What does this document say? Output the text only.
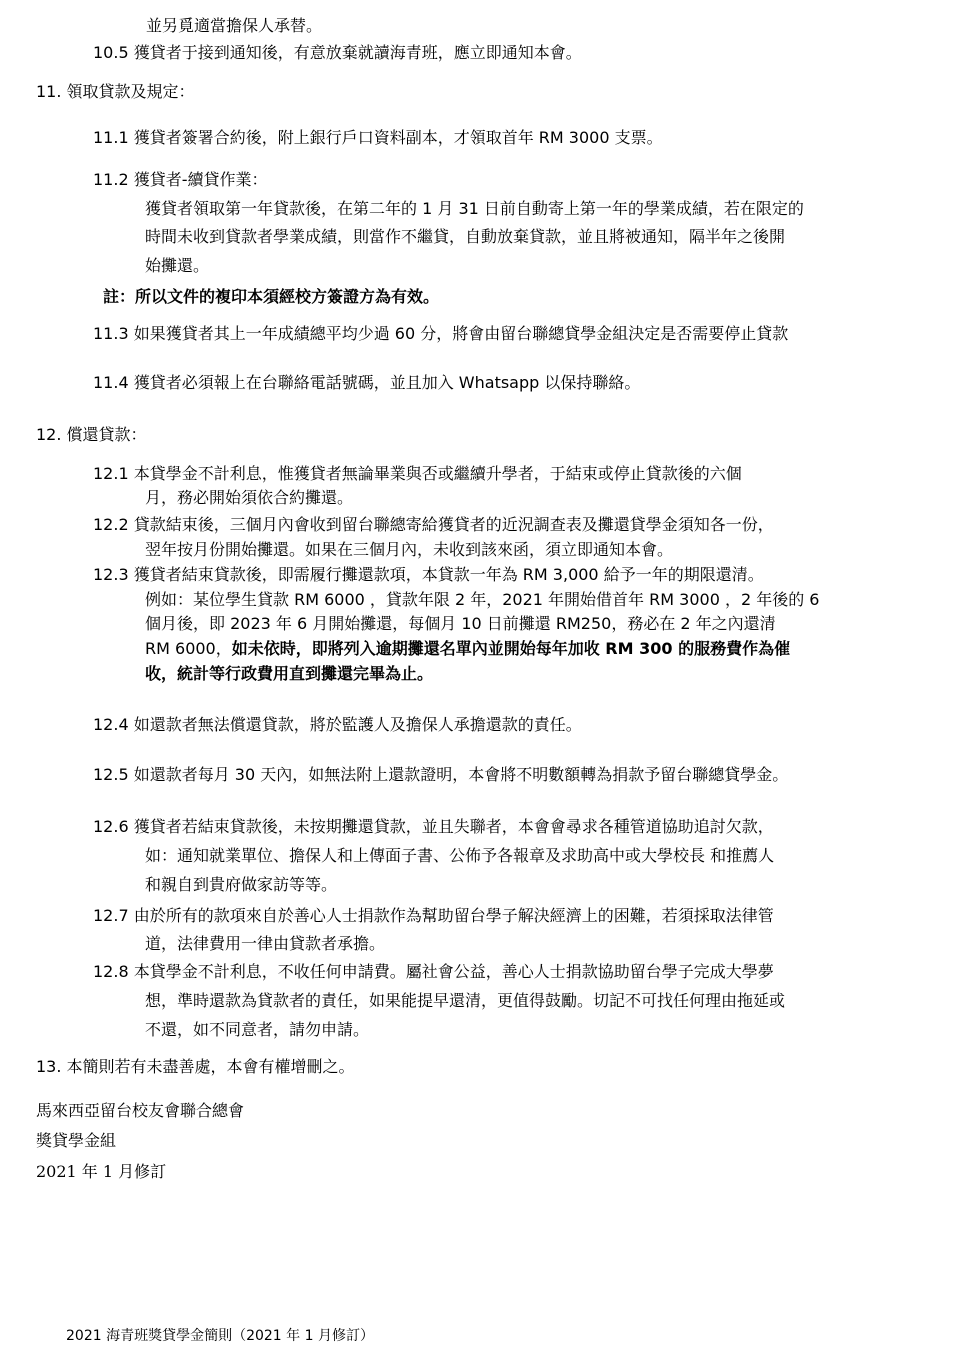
並另覓適當擔保人承替。
10.5 獲貸者于接到通知後，有意放棄就讀海青班，應立即通知本會。
11. 領取貸款及規定：
11.1 獲貸者簽署合約後，附上銀行戶口資料副本，才領取首年 RM 3000 支票。
11.2 獲貸者-續貸作業：
獲貸者領取第一年貸款後，在第二年的 1 月 31 日前自動寄上第一年的學業成績，若在限定的
時間未收到貸款者學業成績，則當作不繼貸，自動放棄貸款，並且將被通知，隔半年之後開
始攤還。
註：所以文件的複印本須經校方簽證方為有效。
11.3 如果獲貸者其上一年成績總平均少過 60 分，將會由留台聯總貸學金組決定是否需要停止貸款
11.4 獲貸者必須報上在台聯絡電話號碼，並且加入 Whatsapp 以保持聯絡。
12. 償還貸款：
12.1 本貸學金不計利息，惟獲貸者無論畢業與否或繼續升學者，于結束或停止貸款後的六個
月，務必開始須依合約攤還。
12.2 貸款結束後，三個月內會收到留台聯總寄給獲貸者的近況調查表及攤還貸學金須知各一份，
翌年按月份開始攤還。如果在三個月內，未收到該來函，須立即通知本會。
12.3 獲貸者結束貸款後，即需履行攤還款項，本貸款一年為 RM 3,000 給予一年的期限還清。
例如：某位學生貸款 RM 6000 ，貸款年限 2 年，2021 年開始借首年 RM 3000 ，2 年後的 6
個月後，即 2023 年 6 月開始攤還，每個月 10 日前攤還 RM250，務必在 2 年之內還清
RM 6000，如未依時，即將列入逾期攤還名單內並開始每年加收 RM 300 的服務費作為催
收，統計等行政費用直到攤還完畢為止。
12.4 如還款者無法償還貸款，將於監護人及擔保人承擔還款的責任。
12.5 如還款者每月 30 天內，如無法附上還款證明，本會將不明數額轉為捐款予留台聯總貸學金。
12.6 獲貸者若結束貸款後，未按期攤還貸款，並且失聯者，本會會尋求各種管道協助追討欠款，
如：通知就業單位、擔保人和上傳面子書、公佈予各報章及求助高中或大學校長 和推薦人
和親自到貴府做家訪等等。
12.7 由於所有的款項來自於善心人士捐款作為幫助留台學子解決經濟上的困難，若須採取法律管
道，法律費用一律由貸款者承擔。
12.8 本貸學金不計利息，不收任何申請費。屬社會公益，善心人士捐款協助留台學子完成大學夢
想，準時還款為貸款者的責任，如果能提早還清，更值得鼓勵。切記不可找任何理由拖延或
不還，如不同意者，請勿申請。
13. 本簡則若有未盡善處，本會有權增刪之。
馬來西亞留台校友會聯合總會
獎貸學金組
2021 年 1 月修訂
2021 海青班獎貸學金簡則（2021 年 1 月修訂）
